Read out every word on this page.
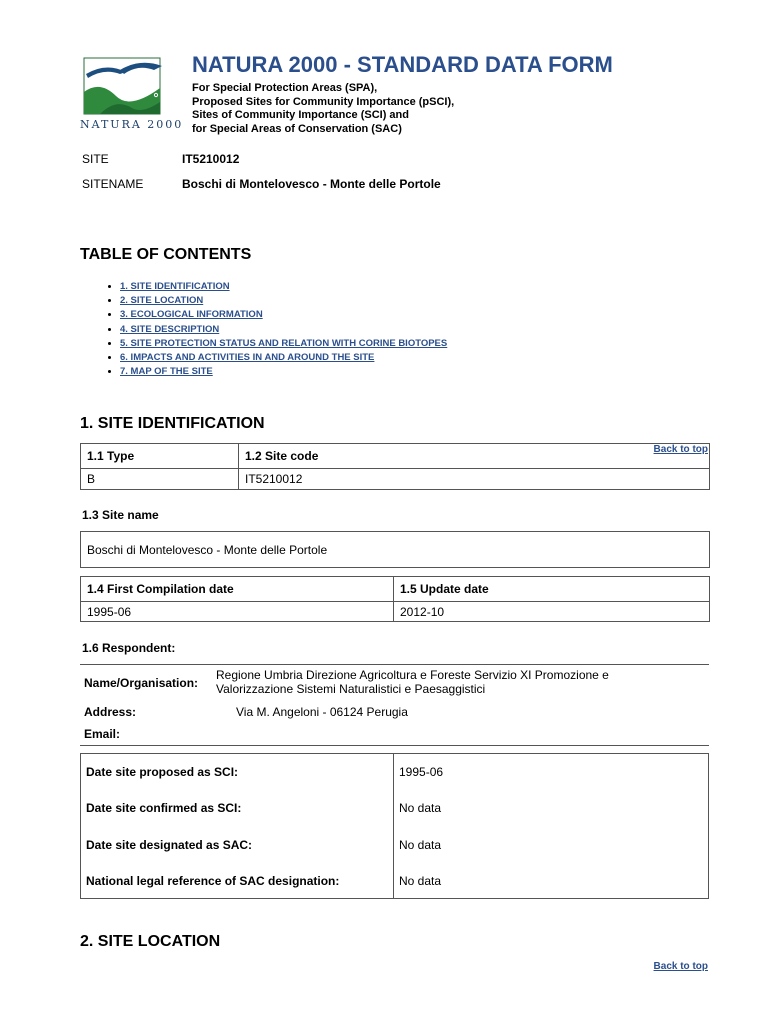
NATURA 2000
NATURA 2000 - STANDARD DATA FORM
For Special Protection Areas (SPA),
Proposed Sites for Community Importance (pSCI),
Sites of Community Importance (SCI) and
for Special Areas of Conservation (SAC)
SITE	IT5210012
SITENAME	Boschi di Montelovesco - Monte delle Portole
TABLE OF CONTENTS
• 1. SITE IDENTIFICATION
• 2. SITE LOCATION
• 3. ECOLOGICAL INFORMATION
• 4. SITE DESCRIPTION
• 5. SITE PROTECTION STATUS AND RELATION WITH CORINE BIOTOPES
• 6. IMPACTS AND ACTIVITIES IN AND AROUND THE SITE
• 7. MAP OF THE SITE
1. SITE IDENTIFICATION
Back to top
1.1 Type	1.2 Site code
B	IT5210012
1.3 Site name
Boschi di Montelovesco - Monte delle Portole
1.4 First Compilation date	1.5 Update date
1995-06	2012-10
1.6 Respondent:
Name/Organisation:
Regione Umbria Direzione Agricoltura e Foreste Servizio XI Promozione e
Valorizzazione Sistemi Naturalistici e Paesaggistici
Address:	Via M. Angeloni - 06124 Perugia
Email:
Date site proposed as SCI:	1995-06
Date site confirmed as SCI:	No data
Date site designated as SAC:	No data
National legal reference of SAC designation:	No data
2. SITE LOCATION
Back to top
